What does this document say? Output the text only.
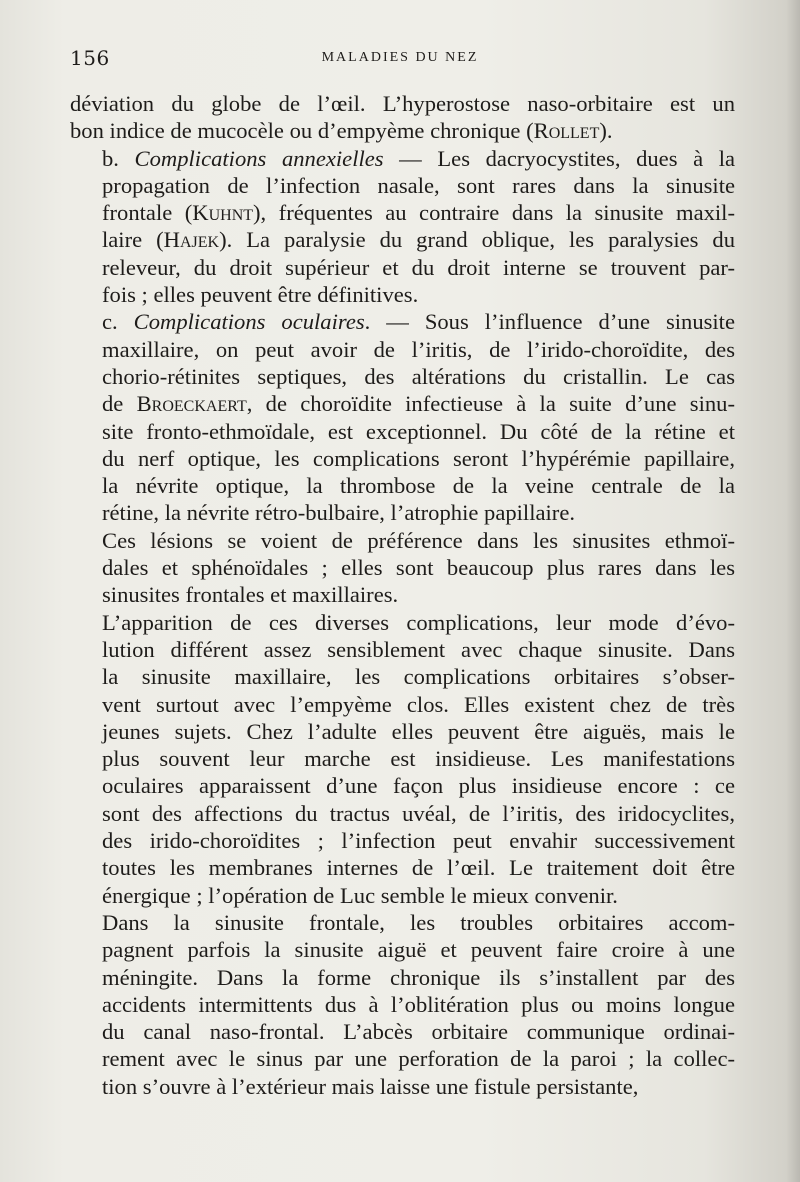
156	MALADIES DU NEZ
déviation du globe de l’œil. L’hyperostose naso-orbitaire est un
bon indice de mucocèle ou d’empyème chronique (Rollet).
b. Complications annexielles — Les dacryocystites, dues à la
propagation de l’infection nasale, sont rares dans la sinusite
frontale (Kuhnt), fréquentes au contraire dans la sinusite maxil-
laire (Hajek). La paralysie du grand oblique, les paralysies du
releveur, du droit supérieur et du droit interne se trouvent par-
fois ; elles peuvent être définitives.
c. Complications oculaires. — Sous l’influence d’une sinusite
maxillaire, on peut avoir de l’iritis, de l’irido-choroïdite, des
chorio-rétinites septiques, des altérations du cristallin. Le cas
de Broeckaert, de choroïdite infectieuse à la suite d’une sinu-
site fronto-ethmoïdale, est exceptionnel. Du côté de la rétine et
du nerf optique, les complications seront l’hypérémie papillaire,
la névrite optique, la thrombose de la veine centrale de la
rétine, la névrite rétro-bulbaire, l’atrophie papillaire.
Ces lésions se voient de préférence dans les sinusites ethmoï-
dales et sphénoïdales ; elles sont beaucoup plus rares dans les
sinusites frontales et maxillaires.
L’apparition de ces diverses complications, leur mode d’évo-
lution différent assez sensiblement avec chaque sinusite. Dans
la sinusite maxillaire, les complications orbitaires s’obser-
vent surtout avec l’empyème clos. Elles existent chez de très
jeunes sujets. Chez l’adulte elles peuvent être aiguës, mais le
plus souvent leur marche est insidieuse. Les manifestations
oculaires apparaissent d’une façon plus insidieuse encore : ce
sont des affections du tractus uvéal, de l’iritis, des iridocyclites,
des irido-choroïdites ; l’infection peut envahir successivement
toutes les membranes internes de l’œil. Le traitement doit être
énergique ; l’opération de Luc semble le mieux convenir.
Dans la sinusite frontale, les troubles orbitaires accom-
pagnent parfois la sinusite aiguë et peuvent faire croire à une
méningite. Dans la forme chronique ils s’installent par des
accidents intermittents dus à l’oblitération plus ou moins longue
du canal naso-frontal. L’abcès orbitaire communique ordinai-
rement avec le sinus par une perforation de la paroi ; la collec-
tion s’ouvre à l’extérieur mais laisse une fistule persistante,
